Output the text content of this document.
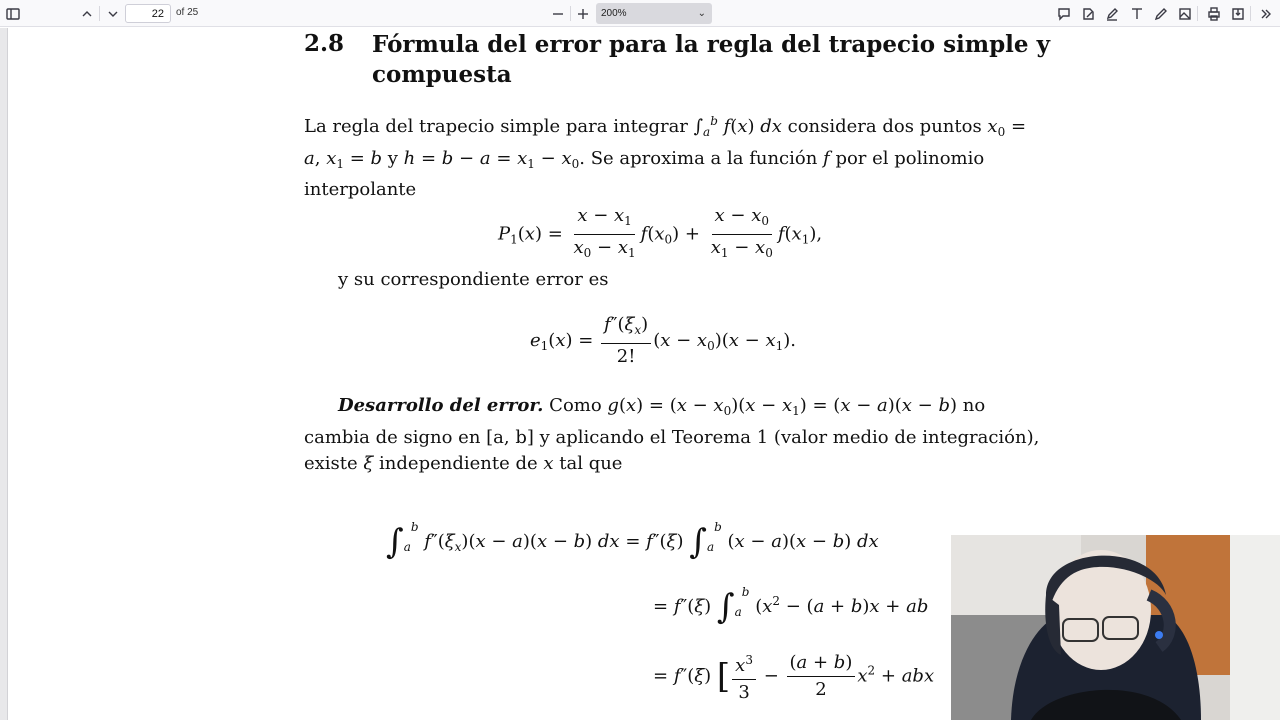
22
of 25	200%	⌄
2.8 Fórmula del error para la regla del trapecio simple y compuesta
La regla del trapecio simple para integrar $\int_a^b$ f(x) dx considera dos puntos $x_0$ =
a, $x_1 = b$ y $h = b - a = x_1 - x_0$. Se aproxima a la función f por el polinomio
interpolante
$P_1(x) = \frac{x - x_1}{x_0 - x_1} f(x_0) + \frac{x - x_0}{x_1 - x_0} f(x_1)$,
y su correspondiente error es
$e_1(x) = \frac{f''(\xi_x)}{2!} (x - x_0)(x - x_1)$.
Desarrollo del error. Como $g(x) = (x - x_0)(x - x_1) = (x - a)(x - b)$ no
cambia de signo en [a, b] y aplicando el Teorema 1 (valor medio de integración),
existe ξ independiente de x tal que
$\int_a^b$ $f''(\xi_x)(x - a)(x - b)$ dx = f″(ξ) $\int_a^b$ (x − a)(x − b) dx
= f″(ξ) $\int_a^b$ ($x^2 - (a + b)x$ + ab
= f″(ξ) [ $\frac{x^3}{3} - \frac{(a + b)}{2} x^2$ + abx
